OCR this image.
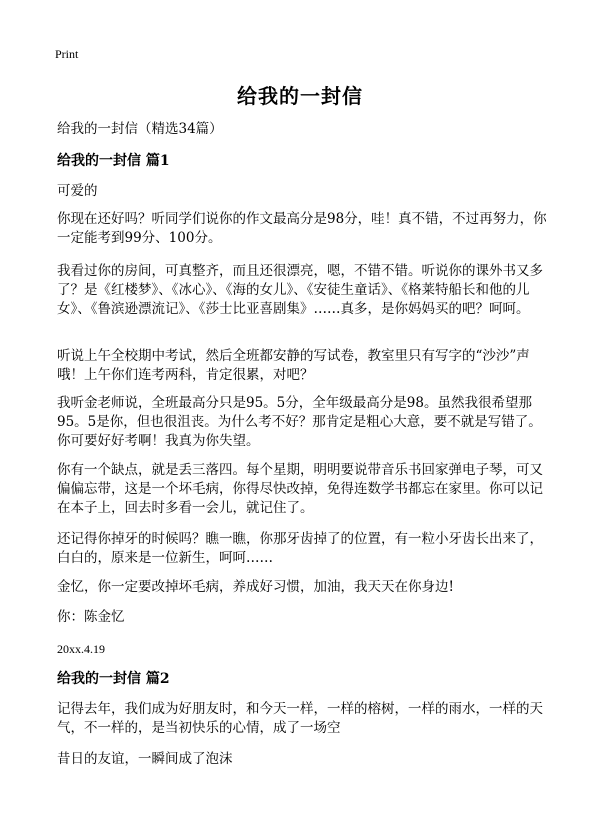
Print
给我的一封信
给我的一封信（精选34篇）
给我的一封信 篇1
可爱的
你现在还好吗？听同学们说你的作文最高分是98分，哇！真不错，不过再努力，你一定能考到99分、100分。
我看过你的房间，可真整齐，而且还很漂亮，嗯，不错不错。听说你的课外书又多了？是《红楼梦》、《冰心》、《海的女儿》、《安徒生童话》、《格莱特船长和他的儿女》、《鲁滨逊漂流记》、《莎士比亚喜剧集》……真多，是你妈妈买的吧？呵呵。
听说上午全校期中考试，然后全班都安静的写试卷，教室里只有写字的“沙沙”声哦！上午你们连考两科，肯定很累，对吧？
我听金老师说，全班最高分只是95。5分，全年级最高分是98。虽然我很希望那95。5是你，但也很沮丧。为什么考不好？那肯定是粗心大意，要不就是写错了。你可要好好考啊！我真为你失望。
你有一个缺点，就是丢三落四。每个星期，明明要说带音乐书回家弹电子琴，可又偏偏忘带，这是一个坏毛病，你得尽快改掉，免得连数学书都忘在家里。你可以记在本子上，回去时多看一会儿，就记住了。
还记得你掉牙的时候吗？瞧一瞧，你那牙齿掉了的位置，有一粒小牙齿长出来了，白白的，原来是一位新生，呵呵……
金忆，你一定要改掉坏毛病，养成好习惯，加油，我天天在你身边!
你：陈金忆
20xx.4.19
给我的一封信 篇2
记得去年，我们成为好朋友时，和今天一样，一样的榕树，一样的雨水，一样的天气，不一样的，是当初快乐的心情，成了一场空
昔日的友谊，一瞬间成了泡沫
